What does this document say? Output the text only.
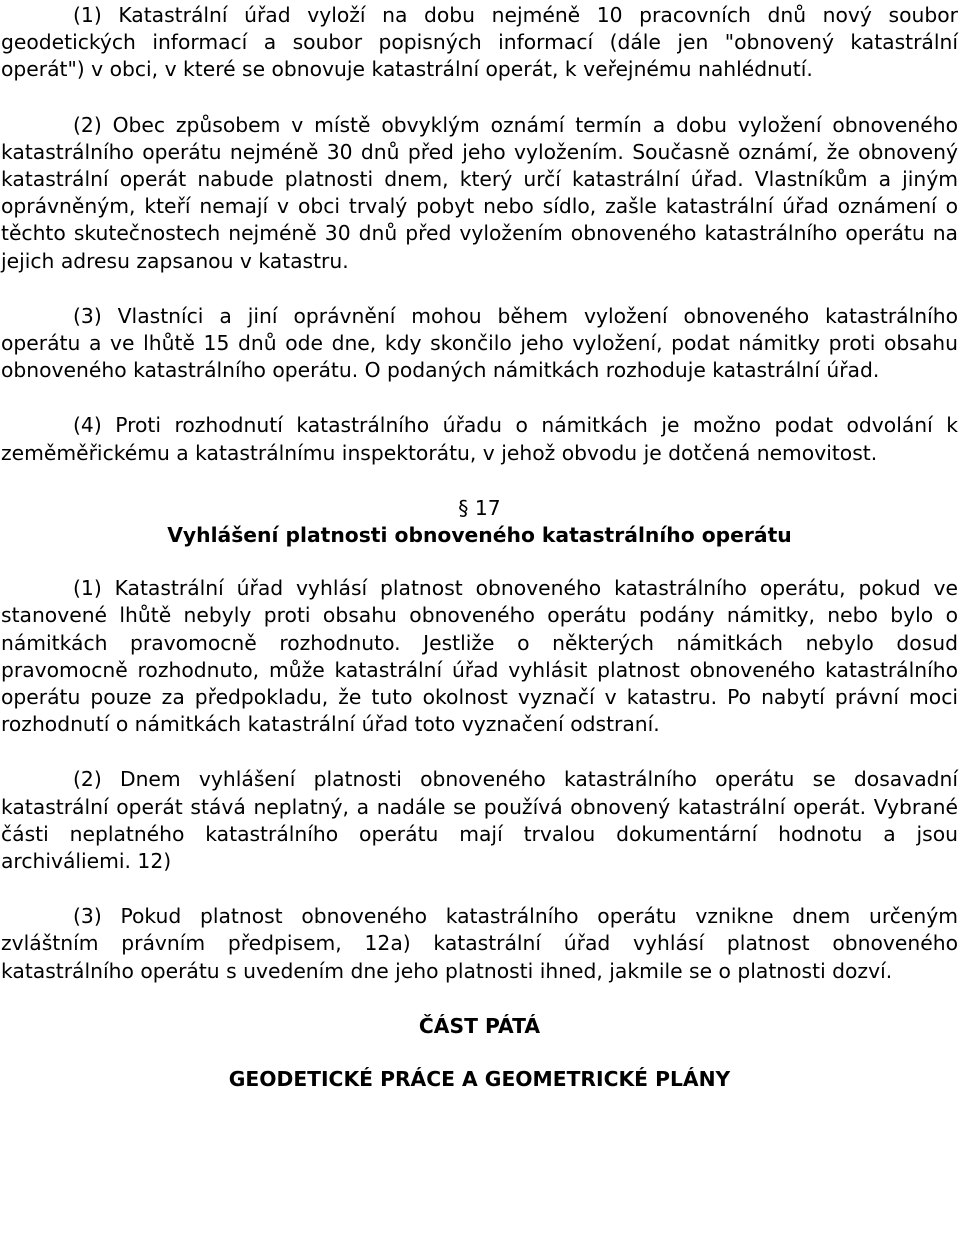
(1) Katastrální úřad vyloží na dobu nejméně 10 pracovních dnů nový soubor geodetických informací a soubor popisných informací (dále jen "obnovený katastrální operát") v obci, v které se obnovuje katastrální operát, k veřejnému nahlédnutí.

(2) Obec způsobem v místě obvyklým oznámí termín a dobu vyložení obnoveného katastrálního operátu nejméně 30 dnů před jeho vyložením. Současně oznámí, že obnovený katastrální operát nabude platnosti dnem, který určí katastrální úřad. Vlastníkům a jiným oprávněným, kteří nemají v obci trvalý pobyt nebo sídlo, zašle katastrální úřad oznámení o těchto skutečnostech nejméně 30 dnů před vyložením obnoveného katastrálního operátu na jejich adresu zapsanou v katastru.

(3) Vlastníci a jiní oprávnění mohou během vyložení obnoveného katastrálního operátu a ve lhůtě 15 dnů ode dne, kdy skončilo jeho vyložení, podat námitky proti obsahu obnoveného katastrálního operátu. O podaných námitkách rozhoduje katastrální úřad.

(4) Proti rozhodnutí katastrálního úřadu o námitkách je možno podat odvolání k zeměměřickému a katastrálnímu inspektorátu, v jehož obvodu je dotčená nemovitost.

§ 17

Vyhlášení platnosti obnoveného katastrálního operátu

(1) Katastrální úřad vyhlásí platnost obnoveného katastrálního operátu, pokud ve stanovené lhůtě nebyly proti obsahu obnoveného operátu podány námitky, nebo bylo o námitkách pravomocně rozhodnuto. Jestliže o některých námitkách nebylo dosud pravomocně rozhodnuto, může katastrální úřad vyhlásit platnost obnoveného katastrálního operátu pouze za předpokladu, že tuto okolnost vyznačí v katastru. Po nabytí právní moci rozhodnutí o námitkách katastrální úřad toto vyznačení odstraní.

(2) Dnem vyhlášení platnosti obnoveného katastrálního operátu se dosavadní katastrální operát stává neplatný, a nadále se používá obnovený katastrální operát. Vybrané části neplatného katastrálního operátu mají trvalou dokumentární hodnotu a jsou archiváliemi. 12)

(3) Pokud platnost obnoveného katastrálního operátu vznikne dnem určeným zvláštním právním předpisem, 12a) katastrální úřad vyhlásí platnost obnoveného katastrálního operátu s uvedením dne jeho platnosti ihned, jakmile se o platnosti dozví.

ČÁST PÁTÁ

GEODETICKÉ PRÁCE A GEOMETRICKÉ PLÁNY
